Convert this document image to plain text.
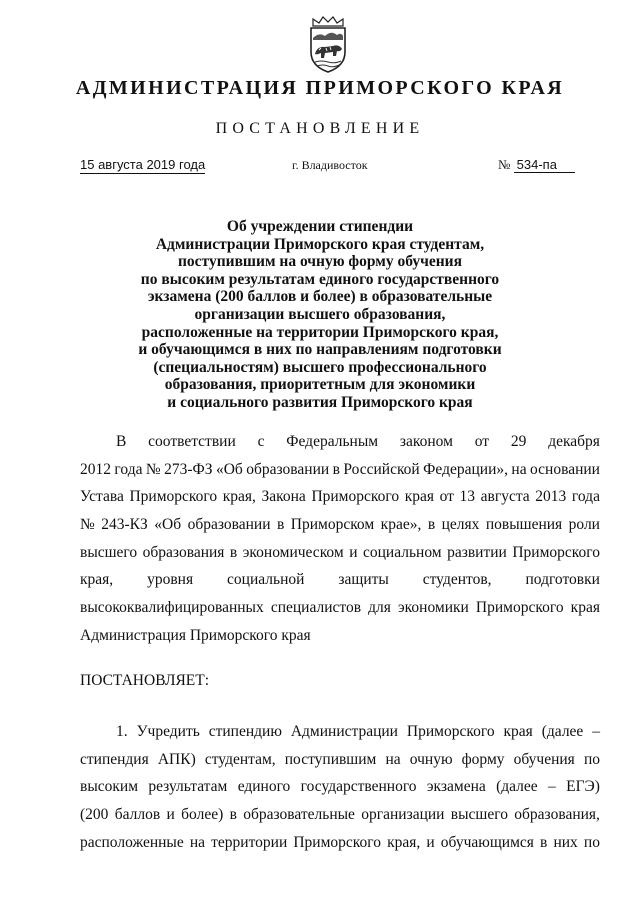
АДМИНИСТРАЦИЯ ПРИМОРСКОГО КРАЯ
ПОСТАНОВЛЕНИЕ
15 августа 2019 года	г. Владивосток	№ 534-па
Об учреждении стипендии
Администрации Приморского края студентам,
поступившим на очную форму обучения
по высоким результатам единого государственного
экзамена (200 баллов и более) в образовательные
организации высшего образования,
расположенные на территории Приморского края,
и обучающимся в них по направлениям подготовки
(специальностям) высшего профессионального
образования, приоритетным для экономики
и социального развития Приморского края
В соответствии с Федеральным законом от 29 декабря
2012 года № 273-ФЗ «Об образовании в Российской Федерации», на основании
Устава Приморского края, Закона Приморского края от 13 августа 2013 года
№ 243-КЗ «Об образовании в Приморском крае», в целях повышения роли
высшего образования в экономическом и социальном развитии Приморского
края, уровня социальной защиты студентов, подготовки
высококвалифицированных специалистов для экономики Приморского края
Администрация Приморского края
ПОСТАНОВЛЯЕТ:
1. Учредить стипендию Администрации Приморского края (далее –
стипендия АПК) студентам, поступившим на очную форму обучения по
высоким результатам единого государственного экзамена (далее – ЕГЭ)
(200 баллов и более) в образовательные организации высшего образования,
расположенные на территории Приморского края, и обучающимся в них по
